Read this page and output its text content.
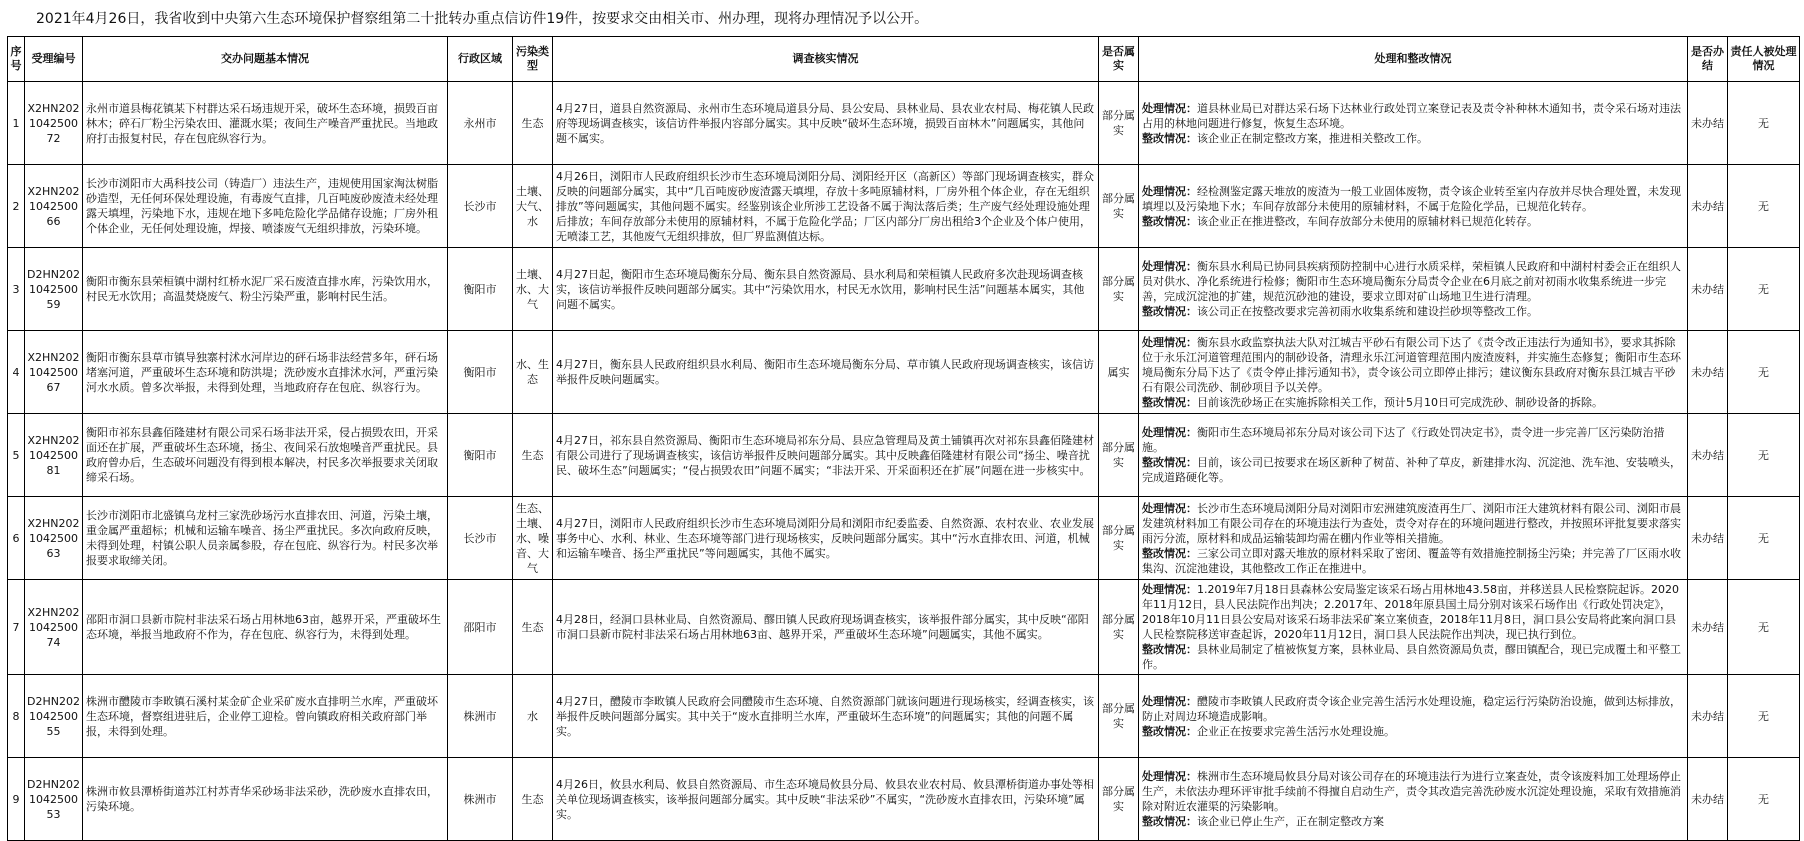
2021年4月26日，我省收到中央第六生态环境保护督察组第二十批转办重点信访件19件，按要求交由相关市、州办理，现将办理情况予以公开。
序号	受理编号	交办问题基本情况	行政区域	污染类型	调查核实情况	是否属实	处理和整改情况	是否办结	责任人被处理情况
1	X2HN2021042500 72	永州市道县梅花镇某下村群达采石场违规开采，破坏生态环境，损毁百亩林木；碎石厂粉尘污染农田、灌溉水渠；夜间生产噪音严重扰民。当地政府打击报复村民，存在包庇纵容行为。	永州市	生态	4月27日，道县自然资源局、永州市生态环境局道县分局、县公安局、县林业局、县农业农村局、梅花镇人民政府等现场调查核实，该信访件举报内容部分属实。其中反映“破坏生态环境，损毁百亩林木”问题属实，其他问题不属实。	部分属实	处理情况：道县林业局已对群达采石场下达林业行政处罚立案登记表及责令补种林木通知书，责令采石场对违法占用的林地问题进行修复，恢复生态环境。
整改情况：该企业正在制定整改方案，推进相关整改工作。	未办结	无
2	X2HN2021042500 66	长沙市浏阳市大禹科技公司（铸造厂）违法生产，违规使用国家淘汰树脂砂造型，无任何环保处理设施，有毒废气直排，几百吨废砂废渣未经处理露天填埋，污染地下水，违规在地下多吨危险化学品储存设施；厂房外租个体企业，无任何处理设施，焊接、喷漆废气无组织排放，污染环境。	长沙市	土壤、大气、水	4月26日，浏阳市人民政府组织长沙市生态环境局浏阳分局、浏阳经开区（高新区）等部门现场调查核实，群众反映的问题部分属实，其中“几百吨废砂废渣露天填埋，存放十多吨原辅材料，厂房外租个体企业，存在无组织排放”等问题属实，其他问题不属实。经鉴别该企业所涉工艺设备不属于淘汰落后类；生产废气经处理设施处理后排放；车间存放部分未使用的原辅材料，不属于危险化学品；厂区内部分厂房出租给3个企业及个体户使用，无喷漆工艺，其他废气无组织排放，但厂界监测值达标。	部分属实	处理情况：经检测鉴定露天堆放的废渣为一般工业固体废物，责令该企业转至室内存放并尽快合理处置，未发现填埋以及污染地下水；车间存放部分未使用的原辅材料，不属于危险化学品，已规范化转存。
整改情况：该企业正在推进整改，车间存放部分未使用的原辅材料已规范化转存。	未办结	无
3	D2HN2021042500 59	衡阳市衡东县荣桓镇中湖村红桥水泥厂采石废渣直排水库，污染饮用水，村民无水饮用；高温焚烧废气、粉尘污染严重，影响村民生活。	衡阳市	土壤、水、大气	4月27日起，衡阳市生态环境局衡东分局、衡东县自然资源局、县水利局和荣桓镇人民政府多次赴现场调查核实，该信访举报件反映问题部分属实。其中“污染饮用水，村民无水饮用，影响村民生活”问题基本属实，其他问题不属实。	部分属实	处理情况：衡东县水利局已协同县疾病预防控制中心进行水质采样，荣桓镇人民政府和中湖村村委会正在组织人员对供水、净化系统进行检修；衡阳市生态环境局衡东分局责令企业在6月底之前对初雨水收集系统进一步完善，完成沉淀池的扩建，规范沉砂池的建设，要求立即对矿山场地卫生进行清理。
整改情况：该公司正在按整改要求完善初雨水收集系统和建设拦砂坝等整改工作。	未办结	无
4	X2HN2021042500 67	衡阳市衡东县草市镇导独寨村沭水河岸边的砰石场非法经营多年，砰石场堵塞河道，严重破坏生态环境和防洪堤；洗砂废水直排沭水河，严重污染河水水质。曾多次举报，未得到处理，当地政府存在包庇、纵容行为。	衡阳市	水、生态	4月27日，衡东县人民政府组织县水利局、衡阳市生态环境局衡东分局、草市镇人民政府现场调查核实，该信访举报件反映问题属实。	属实	处理情况：衡东县水政监察执法大队对江城吉平砂石有限公司下达了《责令改正违法行为通知书》，要求其拆除位于永乐江河道管理范围内的制砂设备，清理永乐江河道管理范围内废渣废料，并实施生态修复；衡阳市生态环境局衡东分局下达了《责令停止排污通知书》，责令该公司立即停止排污；建议衡东县政府对衡东县江城吉平砂石有限公司洗砂、制砂项目予以关停。
整改情况：目前该洗砂场正在实施拆除相关工作，预计5月10日可完成洗砂、制砂设备的拆除。	未办结	无
5	X2HN2021042500 81	衡阳市祁东县鑫佰隆建材有限公司采石场非法开采，侵占损毁农田，开采面还在扩展，严重破坏生态环境，扬尘、夜间采石放炮噪音严重扰民。县政府曾办后，生态破坏问题没有得到根本解决，村民多次举报要求关闭取缔采石场。	衡阳市	生态	4月27日，祁东县自然资源局、衡阳市生态环境局祁东分局、县应急管理局及黄土铺镇再次对祁东县鑫佰隆建材有限公司进行了现场调查核实，该信访举报件反映问题部分属实。其中反映鑫佰隆建材有限公司“扬尘、噪音扰民、破坏生态”问题属实；“侵占损毁农田”问题不属实；“非法开采、开采面积还在扩展”问题在进一步核实中。	部分属实	处理情况：衡阳市生态环境局祁东分局对该公司下达了《行政处罚决定书》，责令进一步完善厂区污染防治措施。
整改情况：目前，该公司已按要求在场区新种了树苗、补种了草皮，新建排水沟、沉淀池、洗车池、安装喷头，完成道路硬化等。	未办结	无
6	X2HN2021042500 63	长沙市浏阳市北盛镇乌龙村三家洗砂场污水直排农田、河道，污染土壤，重金属严重超标；机械和运输车噪音、扬尘严重扰民。多次向政府反映，未得到处理，村镇公职人员亲属参股，存在包庇、纵容行为。村民多次举报要求取缔关闭。	长沙市	生态、土壤、水、噪音、大气	4月27日，浏阳市人民政府组织长沙市生态环境局浏阳分局和浏阳市纪委监委、自然资源、农村农业、农业发展事务中心、水利、林业、生态环境等部门进行现场核实，反映问题部分属实。其中“污水直排农田、河道，机械和运输车噪音、扬尘严重扰民”等问题属实，其他不属实。	部分属实	处理情况：长沙市生态环境局浏阳分局对浏阳市宏洲建筑废渣再生厂、浏阳市汪大建筑材料有限公司、浏阳市晨发建筑材料加工有限公司存在的环境违法行为查处，责令对存在的环境问题进行整改，并按照环评批复要求落实雨污分流，原材料和成品运输装卸均需在棚内作业等相关措施。
整改情况：三家公司立即对露天堆放的原材料采取了密闭、覆盖等有效措施控制扬尘污染；并完善了厂区雨水收集沟、沉淀池建设，其他整改工作正在推进中。	未办结	无
7	X2HN2021042500 74	邵阳市洞口县新市院村非法采石场占用林地63亩，越界开采，严重破坏生态环境，举报当地政府不作为，存在包庇、纵容行为，未得到处理。	邵阳市	生态	4月28日，经洞口县林业局、自然资源局、醪田镇人民政府现场调查核实，该举报件部分属实，其中反映“邵阳市洞口县新市院村非法采石场占用林地63亩、越界开采，严重破坏生态环境”问题属实，其他不属实。	部分属实	处理情况：1.2019年7月18日县森林公安局鉴定该采石场占用林地43.58亩，并移送县人民检察院起诉。2020年11月12日，县人民法院作出判决；2.2017年、2018年原县国土局分别对该采石场作出《行政处罚决定》，2018年10月11日县公安局对该采石场非法采矿案立案侦查，2018年11月8日，洞口县公安局将此案向洞口县人民检察院移送审查起诉，2020年11月12日，洞口县人民法院作出判决，现已执行到位。
整改情况：县林业局制定了植被恢复方案，县林业局、县自然资源局负责，醪田镇配合，现已完成覆土和平整工作。	未办结	无
8	D2HN2021042500 55	株洲市醴陵市李畋镇石溪村某金矿企业采矿废水直排明兰水库，严重破坏生态环境，督察组进驻后，企业停工迎检。曾向镇政府相关政府部门举报，未得到处理。	株洲市	水	4月27日，醴陵市李畋镇人民政府会同醴陵市生态环境、自然资源部门就该问题进行现场核实，经调查核实，该举报件反映问题部分属实。其中关于“废水直排明兰水库，严重破坏生态环境”的问题属实；其他的问题不属实。	部分属实	处理情况：醴陵市李畋镇人民政府责令该企业完善生活污水处理设施，稳定运行污染防治设施，做到达标排放，防止对周边环境造成影响。
整改情况：企业正在按要求完善生活污水处理设施。	未办结	无
9	D2HN2021042500 53	株洲市攸县潭桥街道苏江村苏青华采砂场非法采砂，洗砂废水直排农田，污染环境。	株洲市	生态	4月26日，攸县水利局、攸县自然资源局、市生态环境局攸县分局、攸县农业农村局、攸县潭桥街道办事处等相关单位现场调查核实，该举报问题部分属实。其中反映“非法采砂”不属实，“洗砂废水直排农田，污染环境”属实。	部分属实	处理情况：株洲市生态环境局攸县分局对该公司存在的环境违法行为进行立案查处，责令该废料加工处理场停止生产，未依法办理环评审批手续前不得擅自启动生产，责令其改造完善洗砂废水沉淀处理设施，采取有效措施消除对附近农灌渠的污染影响。
整改情况：该企业已停止生产，正在制定整改方案	未办结	无
